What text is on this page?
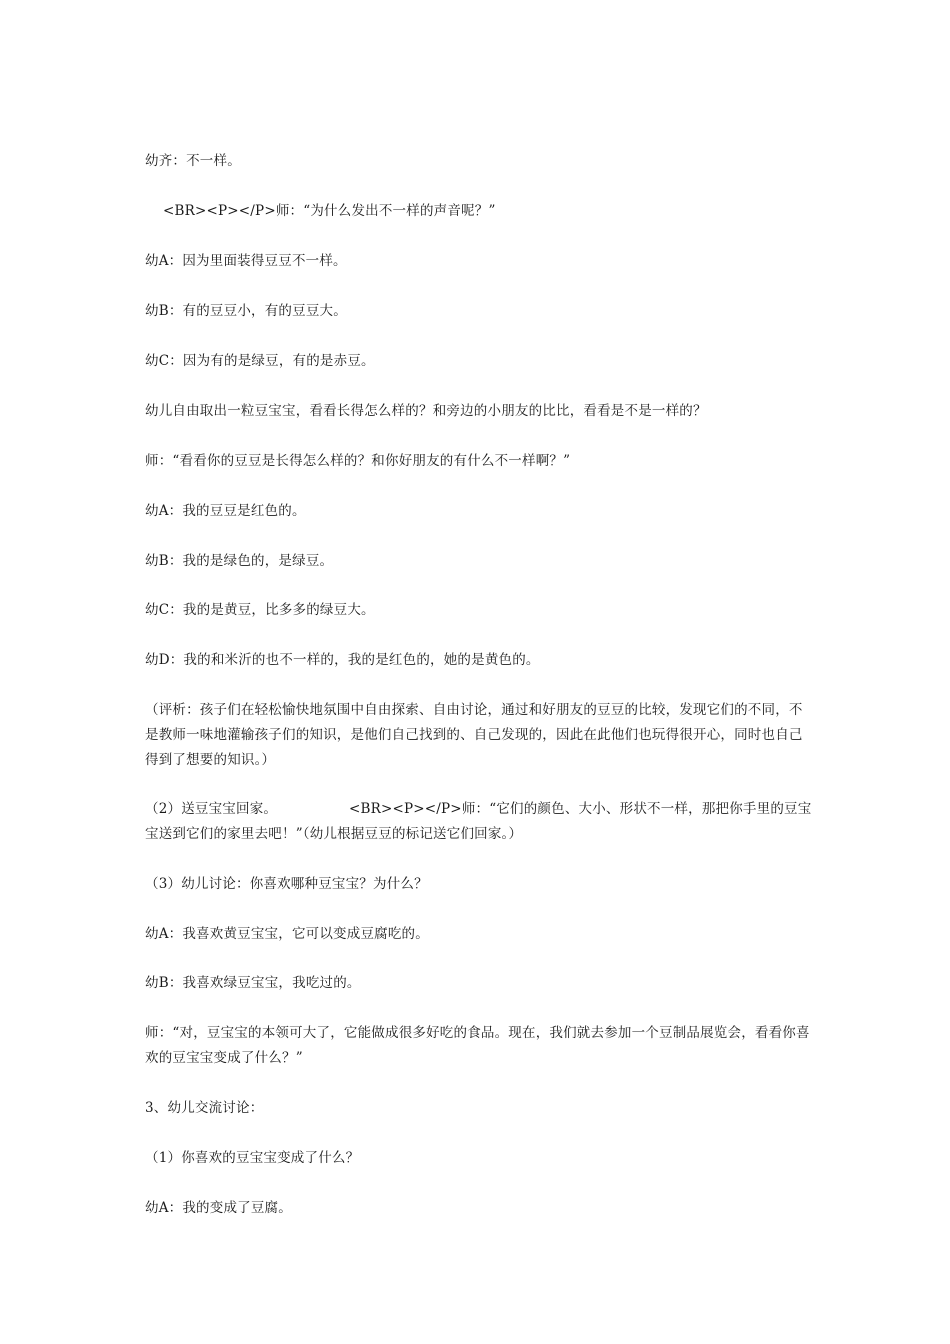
幼齐：不一样。

<BR><P></P>师：“为什么发出不一样的声音呢？”

幼A：因为里面装得豆豆不一样。

幼B：有的豆豆小，有的豆豆大。

幼C：因为有的是绿豆，有的是赤豆。

幼儿自由取出一粒豆宝宝，看看长得怎么样的？和旁边的小朋友的比比，看看是不是一样的？

师：“看看你的豆豆是长得怎么样的？和你好朋友的有什么不一样啊？”

幼A：我的豆豆是红色的。

幼B：我的是绿色的，是绿豆。

幼C：我的是黄豆，比多多的绿豆大。

幼D：我的和米沂的也不一样的，我的是红色的，她的是黄色的。

（评析：孩子们在轻松愉快地氛围中自由探索、自由讨论，通过和好朋友的豆豆的比较，发现它们的不同，不是教师一味地灌输孩子们的知识，是他们自己找到的、自己发现的，因此在此他们也玩得很开心，同时也自己得到了想要的知识。）

（2）送豆宝宝回家。                <BR><P></P>师：“它们的颜色、大小、形状不一样，那把你手里的豆宝宝送到它们的家里去吧！”（幼儿根据豆豆的标记送它们回家。）

（3）幼儿讨论：你喜欢哪种豆宝宝？为什么？

幼A：我喜欢黄豆宝宝，它可以变成豆腐吃的。

幼B：我喜欢绿豆宝宝，我吃过的。

师：“对，豆宝宝的本领可大了，它能做成很多好吃的食品。现在，我们就去参加一个豆制品展览会，看看你喜欢的豆宝宝变成了什么？”

3、幼儿交流讨论：

（1）你喜欢的豆宝宝变成了什么？

幼A：我的变成了豆腐。
